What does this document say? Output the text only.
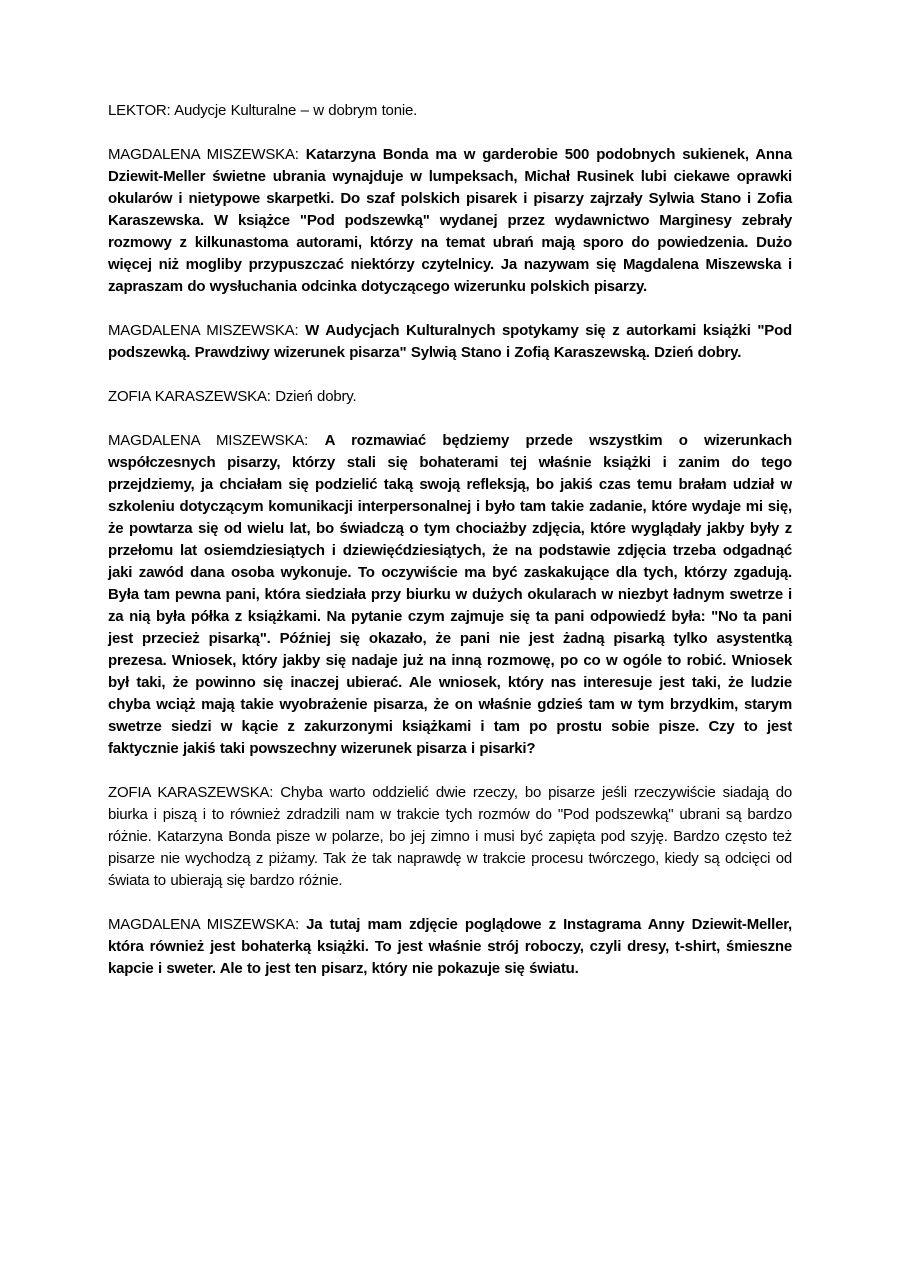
LEKTOR: Audycje Kulturalne – w dobrym tonie.

MAGDALENA MISZEWSKA: Katarzyna Bonda ma w garderobie 500 podobnych sukienek, Anna Dziewit-Meller świetne ubrania wynajduje w lumpeksach, Michał Rusinek lubi ciekawe oprawki okularów i nietypowe skarpetki. Do szaf polskich pisarek i pisarzy zajrzały Sylwia Stano i Zofia Karaszewska. W książce "Pod podszewką" wydanej przez wydawnictwo Marginesy zebrały rozmowy z kilkunastoma autorami, którzy na temat ubrań mają sporo do powiedzenia. Dużo więcej niż mogliby przypuszczać niektórzy czytelnicy. Ja nazywam się Magdalena Miszewska i zapraszam do wysłuchania odcinka dotyczącego wizerunku polskich pisarzy.

MAGDALENA MISZEWSKA: W Audycjach Kulturalnych spotykamy się z autorkami książki "Pod podszewką. Prawdziwy wizerunek pisarza" Sylwią Stano i Zofią Karaszewską. Dzień dobry.

ZOFIA KARASZEWSKA: Dzień dobry.

MAGDALENA MISZEWSKA: A rozmawiać będziemy przede wszystkim o wizerunkach współczesnych pisarzy, którzy stali się bohaterami tej właśnie książki i zanim do tego przejdziemy, ja chciałam się podzielić taką swoją refleksją, bo jakiś czas temu brałam udział w szkoleniu dotyczącym komunikacji interpersonalnej i było tam takie zadanie, które wydaje mi się, że powtarza się od wielu lat, bo świadczą o tym chociażby zdjęcia, które wyglądały jakby były z przełomu lat osiemdziesiątych i dziewięćdziesiątych, że na podstawie zdjęcia trzeba odgadnąć jaki zawód dana osoba wykonuje. To oczywiście ma być zaskakujące dla tych, którzy zgadują. Była tam pewna pani, która siedziała przy biurku w dużych okularach w niezbyt ładnym swetrze i za nią była półka z książkami. Na pytanie czym zajmuje się ta pani odpowiedź była: "No ta pani jest przecież pisarką". Później się okazało, że pani nie jest żadną pisarką tylko asystentką prezesa. Wniosek, który jakby się nadaje już na inną rozmowę, po co w ogóle to robić. Wniosek był taki, że powinno się inaczej ubierać. Ale wniosek, który nas interesuje jest taki, że ludzie chyba wciąż mają takie wyobrażenie pisarza, że on właśnie gdzieś tam w tym brzydkim, starym swetrze siedzi w kącie z zakurzonymi książkami i tam po prostu sobie pisze. Czy to jest faktycznie jakiś taki powszechny wizerunek pisarza i pisarki?

ZOFIA KARASZEWSKA: Chyba warto oddzielić dwie rzeczy, bo pisarze jeśli rzeczywiście siadają do biurka i piszą i to również zdradzili nam w trakcie tych rozmów do "Pod podszewką" ubrani są bardzo różnie. Katarzyna Bonda pisze w polarze, bo jej zimno i musi być zapięta pod szyję. Bardzo często też pisarze nie wychodzą z piżamy. Tak że tak naprawdę w trakcie procesu twórczego, kiedy są odcięci od świata to ubierają się bardzo różnie.

MAGDALENA MISZEWSKA: Ja tutaj mam zdjęcie poglądowe z Instagrama Anny Dziewit-Meller, która również jest bohaterką książki. To jest właśnie strój roboczy, czyli dresy, t-shirt, śmieszne kapcie i sweter. Ale to jest ten pisarz, który nie pokazuje się światu.
